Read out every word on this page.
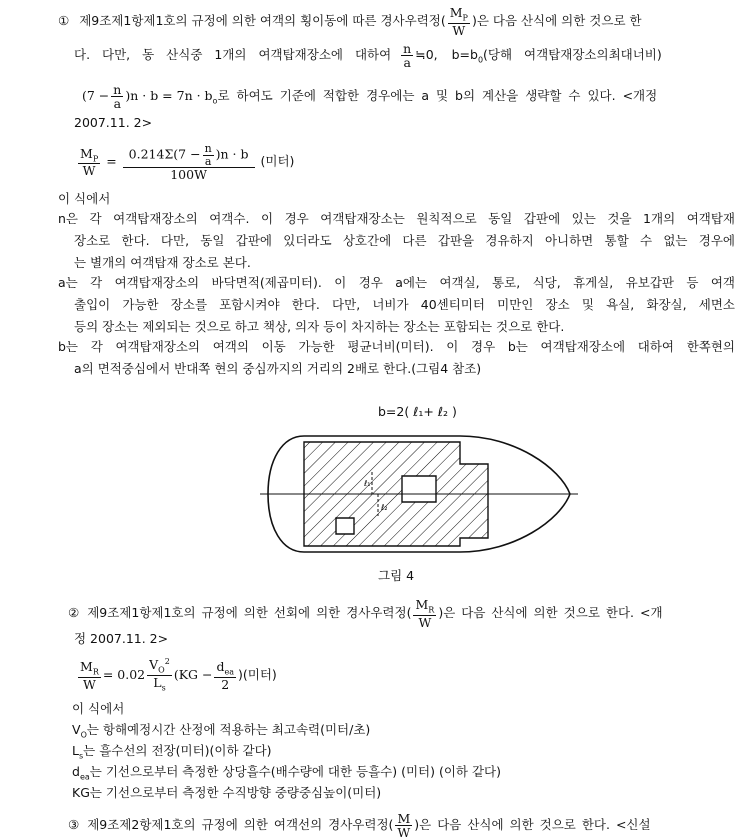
① 제9조제1항제1호의 규정에 의한 여객의 횡이동에 따른 경사우력정( $\frac{M_P}{W}$ )은 다음 산식에 의한 것으로 한
다. 다만, 동 산식중 1개의 여객탑재장소에 대하여 $\frac{n}{a}$ ≒0, $b=b_0$(당해 여객탑재장소의최대너비)
$(7 - \frac{n}{a} )n \cdot b = 7n \cdot b_o$로 하여도 기준에 적합한 경우에는 a 및 b의 계산을 생략할 수 있다. <개정
2007.11. 2>
$\frac{M_P}{W} = \frac{0.214\Sigma(7 - \frac{n}{a} )n \cdot b}{100W}$ (미터)
이 식에서
n은 각 여객탑재장소의 여객수. 이 경우 여객탑재장소는 원칙적으로 동일 갑판에 있는 것을 1개의 여객탑재
장소로 한다. 다만, 동일 갑판에 있더라도 상호간에 다른 갑판을 경유하지 아니하면 통할 수 없는 경우에
는 별개의 여객탑재 장소로 본다.
a는 각 여객탑재장소의 바닥면적(제곱미터). 이 경우 a에는 여객실, 통로, 식당, 휴게실, 유보갑판 등 여객
출입이 가능한 장소를 포함시켜야 한다. 다만, 너비가 40센티미터 미만인 장소 및 욕실, 화장실, 세면소
등의 장소는 제외되는 것으로 하고 책상, 의자 등이 차지하는 장소는 포함되는 것으로 한다.
b는 각 여객탑재장소의 여객의 이동 가능한 평균너비(미터). 이 경우 b는 여객탑재장소에 대하여 한쪽현의
a의 면적중심에서 반대쪽 현의 중심까지의 거리의 2배로 한다.(그림4 참조)
b=2( ℓ₁+ ℓ₂ )
ℓ₁
ℓ₂
그림 4
② 제9조제1항제1호의 규정에 의한 선회에 의한 경사우력정( $\frac{M_R}{W}$ )은 다음 산식에 의한 것으로 한다. <개
정 2007.11. 2>
$\frac{M_R}{W} = 0.02 \frac{V_O^2}{L_s} (KG - \frac{d_{ea}}{2}$ )(미터)
이 식에서
$V_O$는 항해예정시간 산정에 적용하는 최고속력(미터/초)
$L_s$는 흘수선의 전장(미터)(이하 같다)
$d_{ea}$는 기선으로부터 측정한 상당흘수(배수량에 대한 등흘수) (미터) (이하 같다)
KG는 기선으로부터 측정한 수직방향 중량중심높이(미터)
③ 제9조제2항제1호의 규정에 의한 여객선의 경사우력정( $\frac{M}{W}$ )은 다음 산식에 의한 것으로 한다. <신설
